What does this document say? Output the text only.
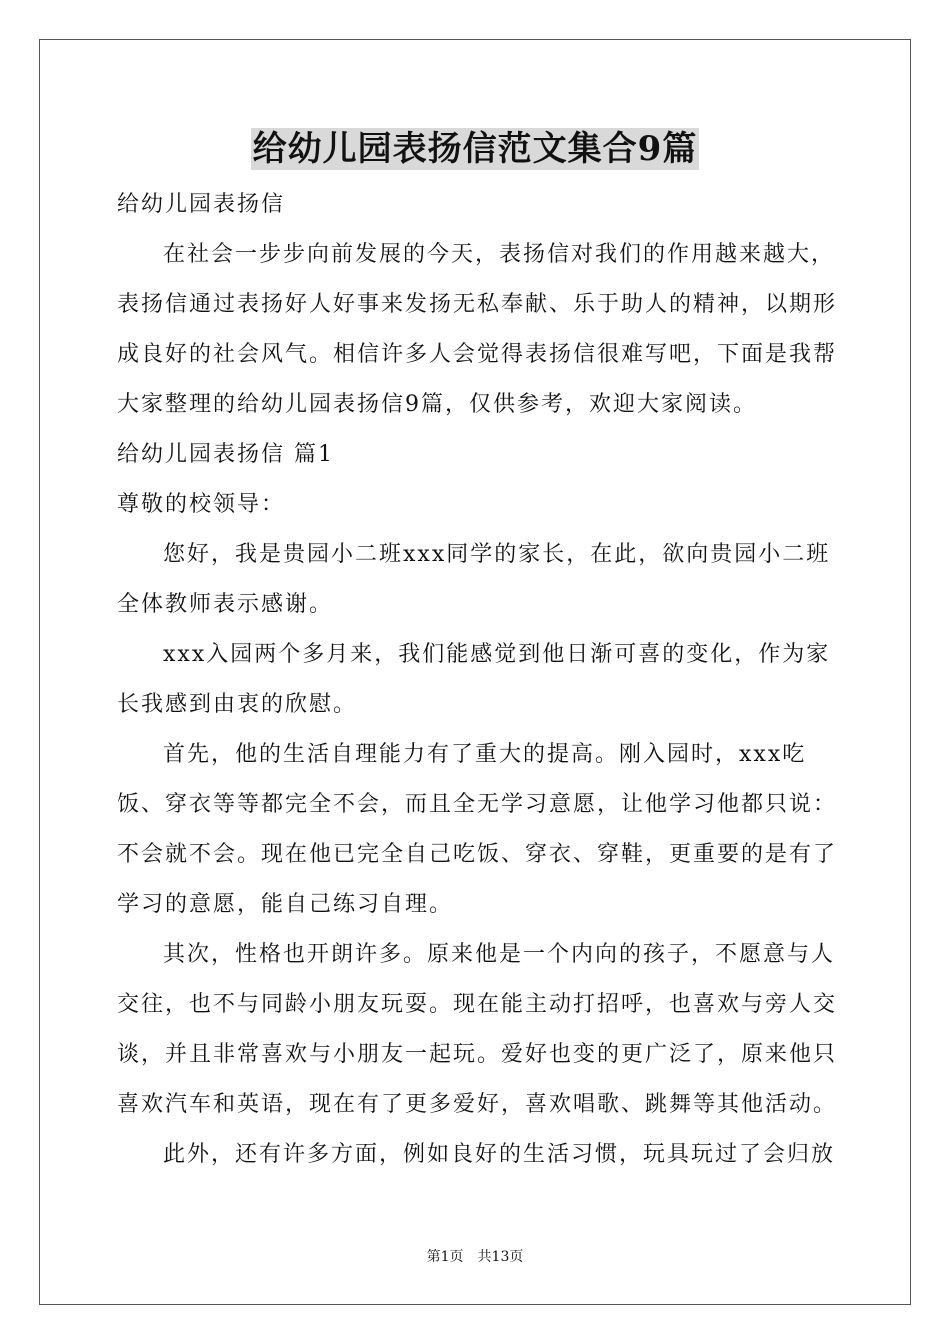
给幼儿园表扬信范文集合9篇
给幼儿园表扬信

在社会一步步向前发展的今天，表扬信对我们的作用越来越大，表扬信通过表扬好人好事来发扬无私奉献、乐于助人的精神，以期形成良好的社会风气。相信许多人会觉得表扬信很难写吧，下面是我帮大家整理的给幼儿园表扬信9篇，仅供参考，欢迎大家阅读。

给幼儿园表扬信 篇1
尊敬的校领导：

您好，我是贵园小二班xxx同学的家长，在此，欲向贵园小二班全体教师表示感谢。

xxx入园两个多月来，我们能感觉到他日渐可喜的变化，作为家长我感到由衷的欣慰。

首先，他的生活自理能力有了重大的提高。刚入园时，xxx吃饭、穿衣等等都完全不会，而且全无学习意愿，让他学习他都只说：不会就不会。现在他已完全自己吃饭、穿衣、穿鞋，更重要的是有了学习的意愿，能自己练习自理。

其次，性格也开朗许多。原来他是一个内向的孩子，不愿意与人交往，也不与同龄小朋友玩耍。现在能主动打招呼，也喜欢与旁人交谈，并且非常喜欢与小朋友一起玩。爱好也变的更广泛了，原来他只喜欢汽车和英语，现在有了更多爱好，喜欢唱歌、跳舞等其他活动。

此外，还有许多方面，例如良好的生活习惯，玩具玩过了会归放

第1页　共13页
